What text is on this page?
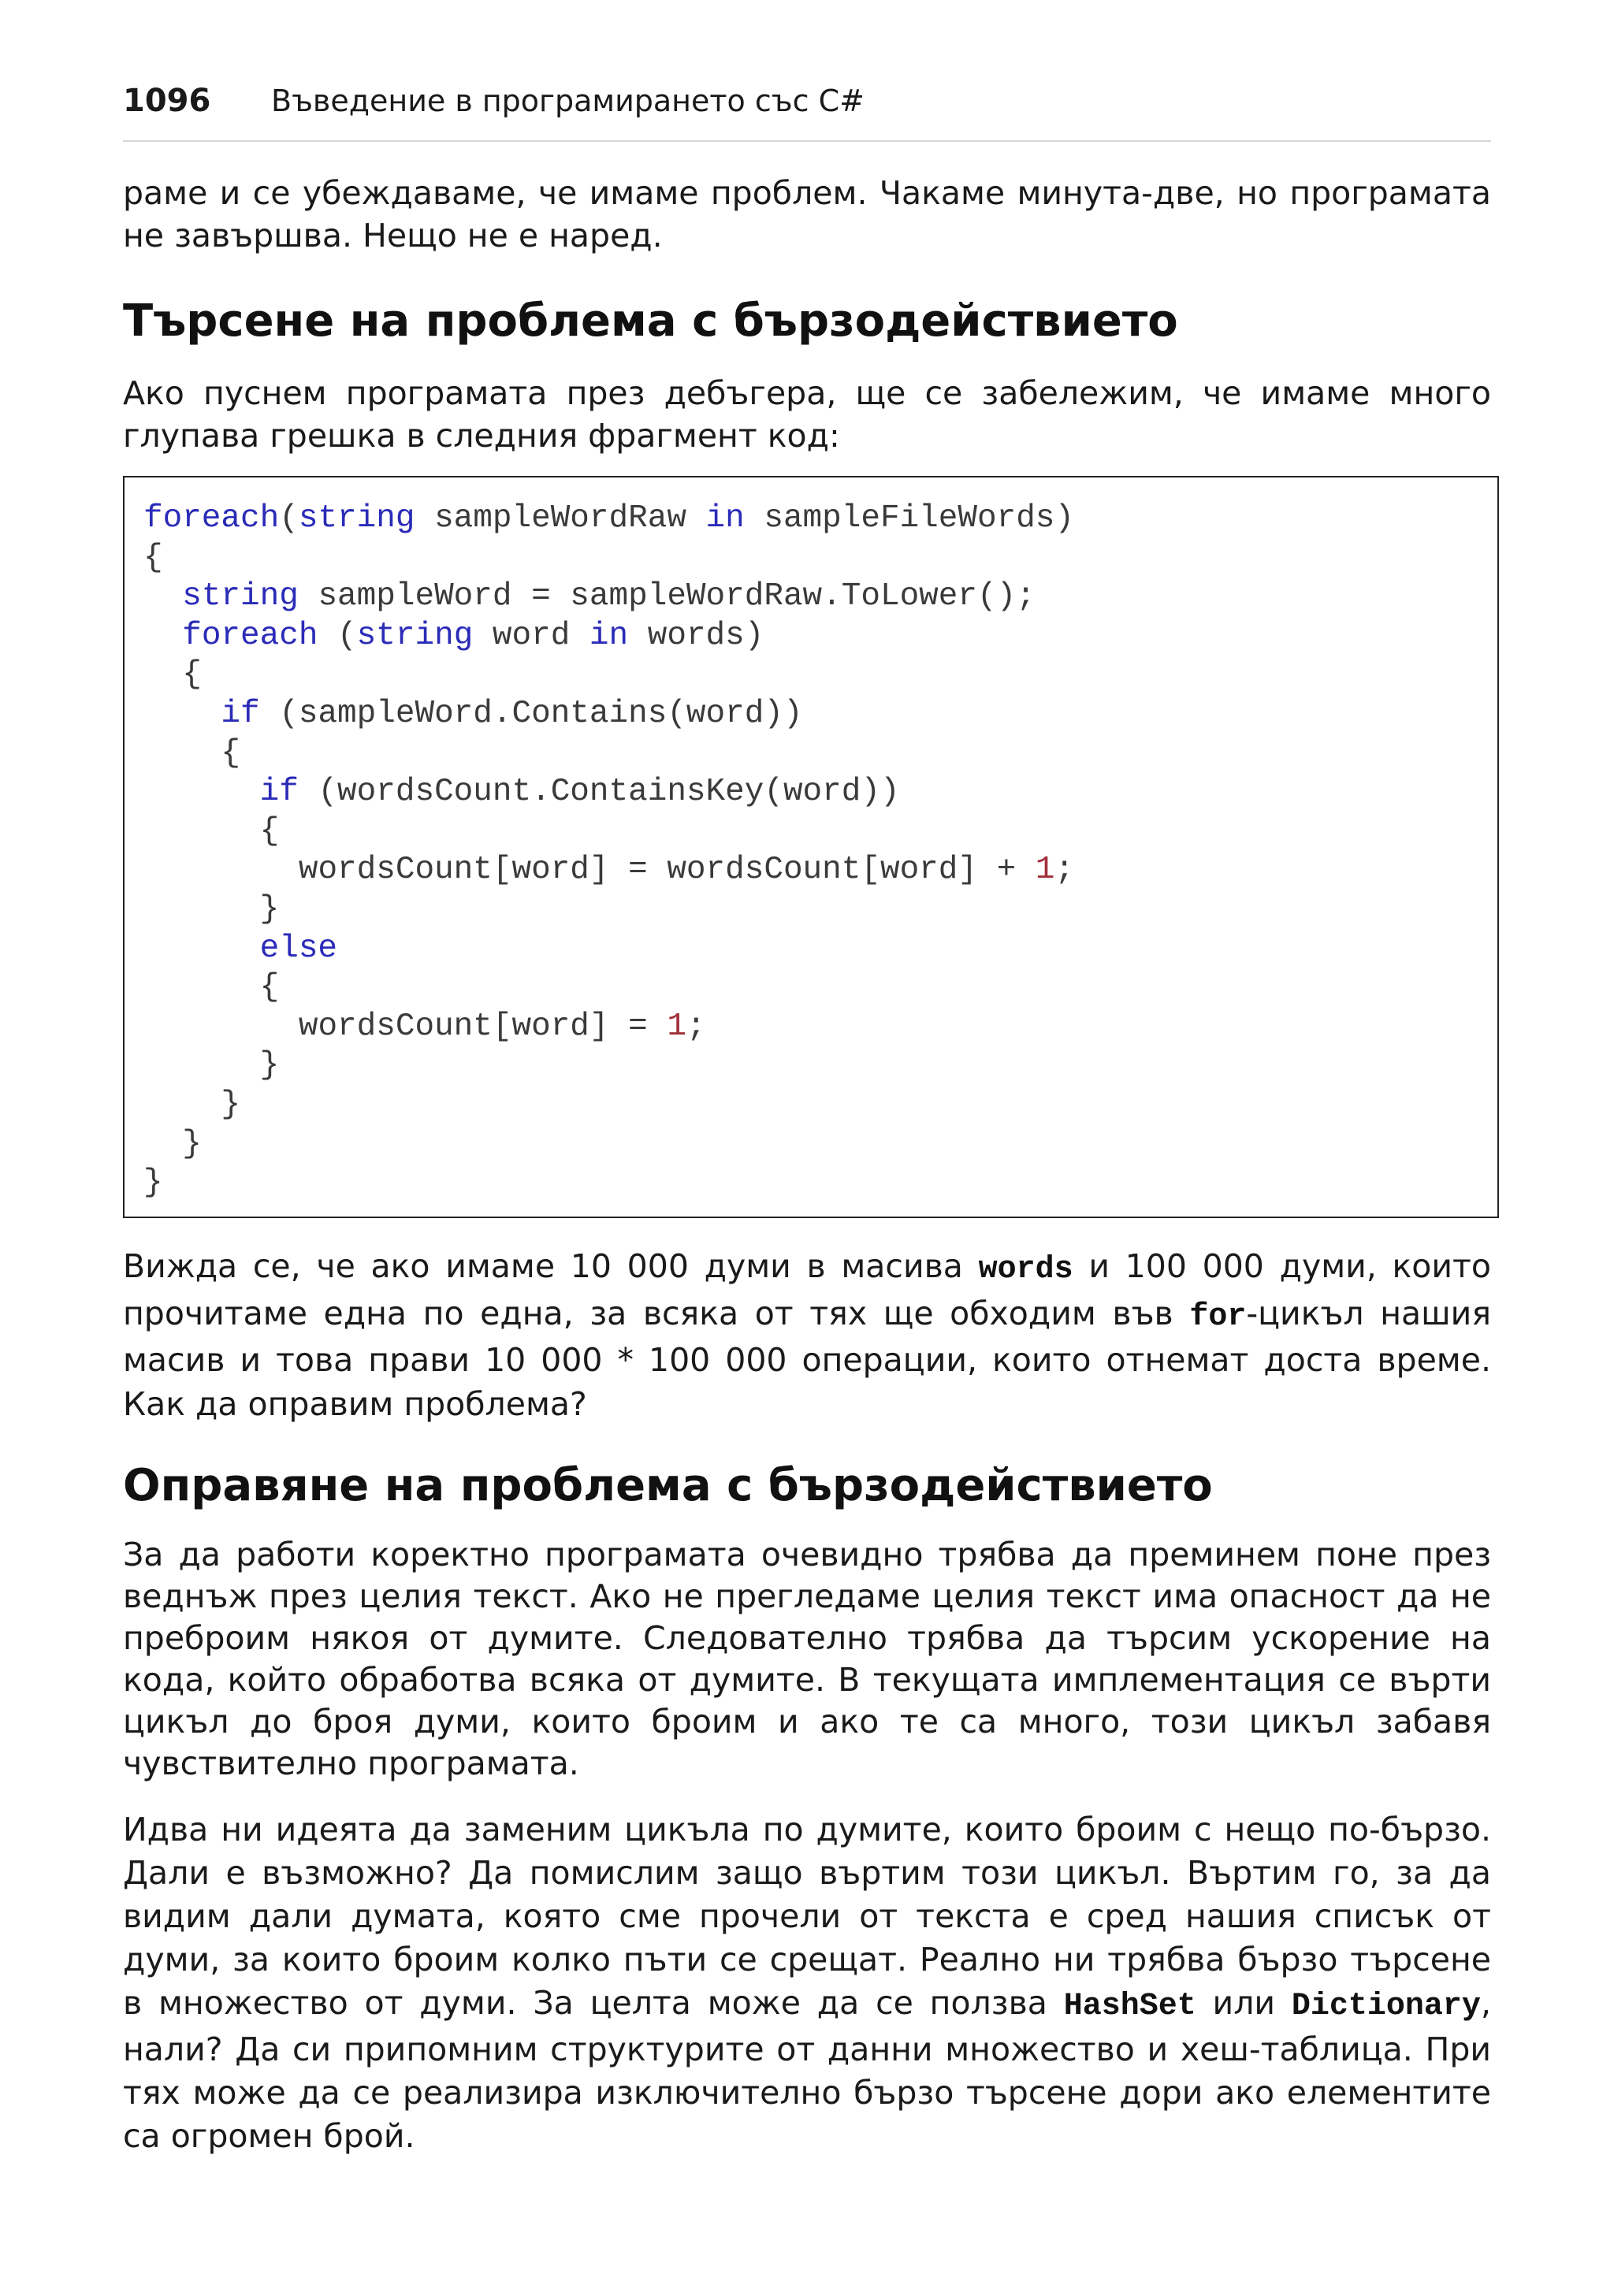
1096	Въведение в програмирането със C#

раме и се убеждаваме, че имаме проблем. Чакаме минута-две, но програмата не завършва. Нещо не е наред.

Търсене на проблема с бързодействието

Ако пуснем програмата през дебъгера, ще се забележим, че имаме много глупава грешка в следния фрагмент код:

foreach(string sampleWordRaw in sampleFileWords)
{
string sampleWord = sampleWordRaw.ToLower();
foreach (string word in words)
{
if (sampleWord.Contains(word))
{
if (wordsCount.ContainsKey(word))
{
wordsCount[word] = wordsCount[word] + 1;
}
else
{
wordsCount[word] = 1;
}
}
}
}

Вижда се, че ако имаме 10 000 думи в масива words и 100 000 думи, които прочитаме една по една, за всяка от тях ще обходим във for-цикъл нашия масив и това прави 10 000 * 100 000 операции, които отнемат доста време. Как да оправим проблема?

Оправяне на проблема с бързодействието

За да работи коректно програмата очевидно трябва да преминем поне през веднъж през целия текст. Ако не прегледаме целия текст има опасност да не преброим някоя от думите. Следователно трябва да търсим ускорение на кода, който обработва всяка от думите. В текущата имплементация се върти цикъл до броя думи, които броим и ако те са много, този цикъл забавя чувствително програмата.

Идва ни идеята да заменим цикъла по думите, които броим с нещо по-бързо. Дали е възможно? Да помислим защо въртим този цикъл. Въртим го, за да видим дали думата, която сме прочели от текста е сред нашия списък от думи, за които броим колко пъти се срещат. Реално ни трябва бързо търсене в множество от думи. За целта може да се ползва HashSet или Dictionary, нали? Да си припомним структурите от данни множество и хеш-таблица. При тях може да се реализира изключително бързо търсене дори ако елементите са огромен брой.
